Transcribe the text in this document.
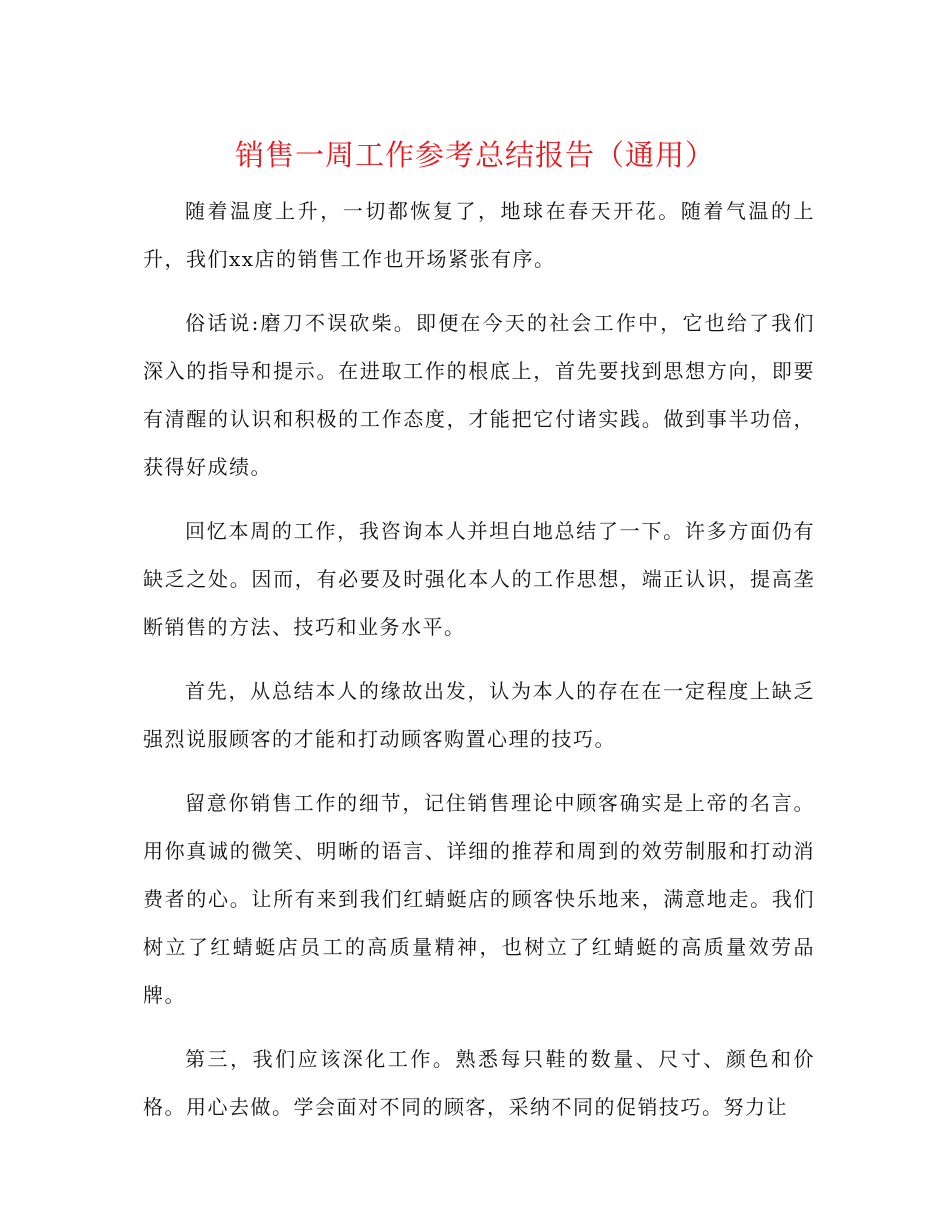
销售一周工作参考总结报告（通用）

随着温度上升，一切都恢复了，地球在春天开花。随着气温的上升，我们xx店的销售工作也开场紧张有序。

俗话说:磨刀不误砍柴。即便在今天的社会工作中，它也给了我们深入的指导和提示。在进取工作的根底上，首先要找到思想方向，即要有清醒的认识和积极的工作态度，才能把它付诸实践。做到事半功倍，获得好成绩。

回忆本周的工作，我咨询本人并坦白地总结了一下。许多方面仍有缺乏之处。因而，有必要及时强化本人的工作思想，端正认识，提高垄断销售的方法、技巧和业务水平。

首先，从总结本人的缘故出发，认为本人的存在在一定程度上缺乏强烈说服顾客的才能和打动顾客购置心理的技巧。

留意你销售工作的细节，记住销售理论中顾客确实是上帝的名言。用你真诚的微笑、明晰的语言、详细的推荐和周到的效劳制服和打动消费者的心。让所有来到我们红蜻蜓店的顾客快乐地来，满意地走。我们树立了红蜻蜓店员工的高质量精神，也树立了红蜻蜓的高质量效劳品牌。

第三，我们应该深化工作。熟悉每只鞋的数量、尺寸、颜色和价格。用心去做。学会面对不同的顾客，采纳不同的促销技巧。努力让
